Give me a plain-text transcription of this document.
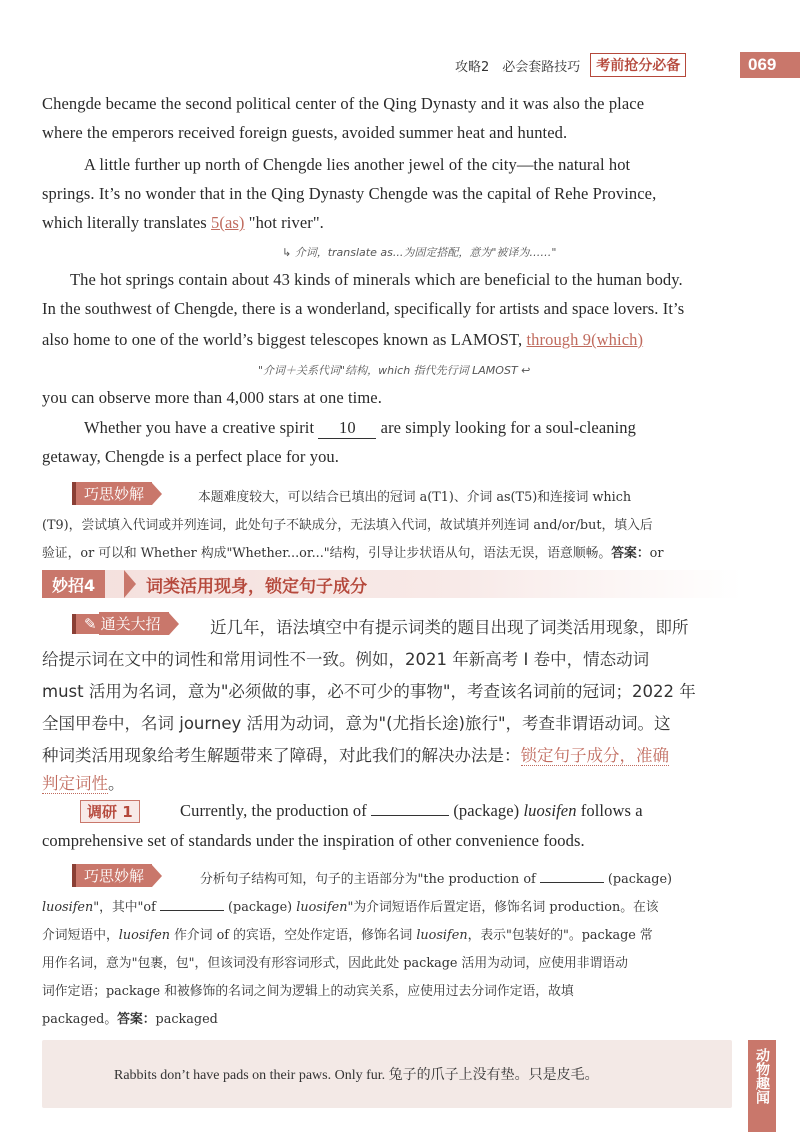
攻略2　必会套路技巧	考前抢分必备	069
Chengde became the second political center of the Qing Dynasty and it was also the place
where the emperors received foreign guests, avoided summer heat and hunted.
A little further up north of Chengde lies another jewel of the city—the natural hot
springs. It’s no wonder that in the Qing Dynasty Chengde was the capital of Rehe Province,
which literally translates 5(as) "hot river".
↳ 介词，translate as...为固定搭配，意为"被译为……"
The hot springs contain about 43 kinds of minerals which are beneficial to the human body.
In the southwest of Chengde, there is a wonderland, specifically for artists and space lovers. It’s
also home to one of the world’s biggest telescopes known as LAMOST, through 9(which)
"介词＋关系代词"结构，which 指代先行词 LAMOST ↩
you can observe more than 4,000 stars at one time.
Whether you have a creative spirit 10 are simply looking for a soul-cleaning
getaway, Chengde is a perfect place for you.
巧思妙解	本题难度较大，可以结合已填出的冠词 a(T1)、介词 as(T5)和连接词 which
(T9)，尝试填入代词或并列连词，此处句子不缺成分，无法填入代词，故试填并列连词 and/or/but，填入后
验证，or 可以和 Whether 构成"Whether...or..."结构，引导让步状语从句，语法无误，语意顺畅。答案：or
妙招4	词类活用现身，锁定句子成分
✎ 通关大招	近几年，语法填空中有提示词类的题目出现了词类活用现象，即所
给提示词在文中的词性和常用词性不一致。例如，2021 年新高考 I 卷中，情态动词
must 活用为名词，意为"必须做的事，必不可少的事物"，考查该名词前的冠词；2022 年
全国甲卷中，名词 journey 活用为动词，意为"(尤指长途)旅行"，考查非谓语动词。这
种词类活用现象给考生解题带来了障碍，对此我们的解决办法是：锁定句子成分，准确
判定词性。
调研 1	Currently, the production of	(package) luosifen follows a
comprehensive set of standards under the inspiration of other convenience foods.
巧思妙解	分析句子结构可知，句子的主语部分为"the production of	(package)
luosifen"，其中"of	(package) luosifen"为介词短语作后置定语，修饰名词 production。在该
介词短语中，luosifen 作介词 of 的宾语，空处作定语，修饰名词 luosifen，表示"包装好的"。package 常
用作名词，意为"包裹，包"，但该词没有形容词形式，因此此处 package 活用为动词，应使用非谓语动
词作定语；package 和被修饰的名词之间为逻辑上的动宾关系，应使用过去分词作定语，故填
packaged。答案：packaged
Rabbits don’t have pads on their paws. Only fur. 兔子的爪子上没有垫。只是皮毛。	动物趣闻
